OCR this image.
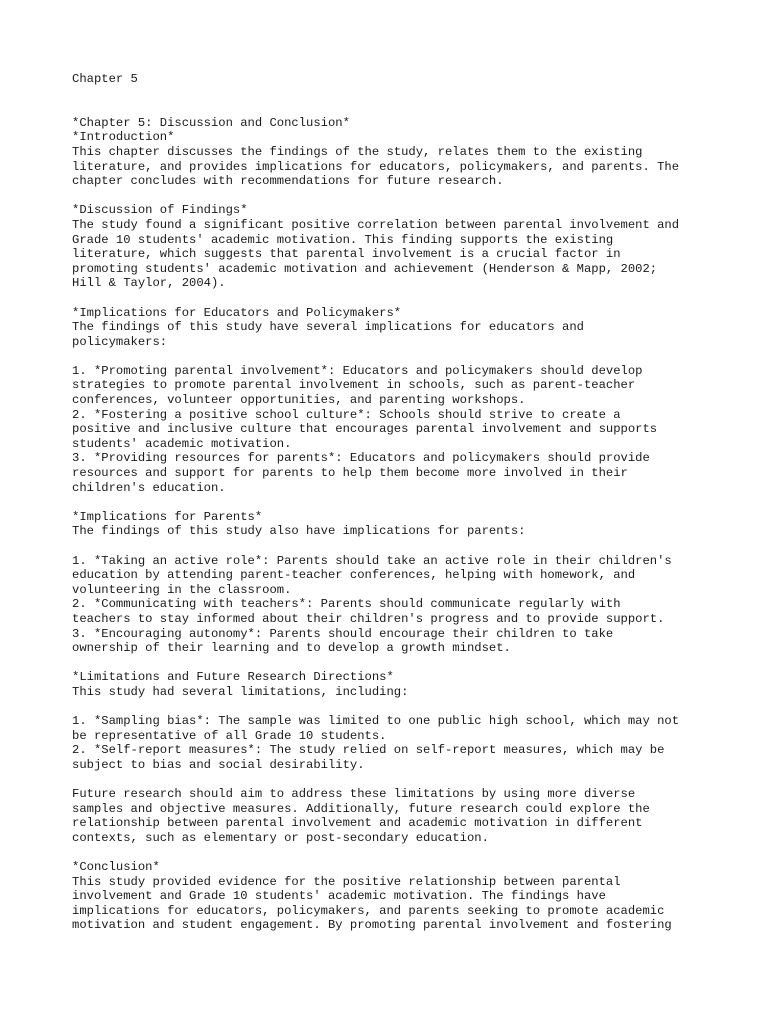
Chapter 5
*Chapter 5: Discussion and Conclusion*
*Introduction*
This chapter discusses the findings of the study, relates them to the existing
literature, and provides implications for educators, policymakers, and parents. The
chapter concludes with recommendations for future research.
*Discussion of Findings*
The study found a significant positive correlation between parental involvement and
Grade 10 students' academic motivation. This finding supports the existing
literature, which suggests that parental involvement is a crucial factor in
promoting students' academic motivation and achievement (Henderson & Mapp, 2002;
Hill & Taylor, 2004).
*Implications for Educators and Policymakers*
The findings of this study have several implications for educators and
policymakers:
1. *Promoting parental involvement*: Educators and policymakers should develop
strategies to promote parental involvement in schools, such as parent-teacher
conferences, volunteer opportunities, and parenting workshops.
2. *Fostering a positive school culture*: Schools should strive to create a
positive and inclusive culture that encourages parental involvement and supports
students' academic motivation.
3. *Providing resources for parents*: Educators and policymakers should provide
resources and support for parents to help them become more involved in their
children's education.
*Implications for Parents*
The findings of this study also have implications for parents:
1. *Taking an active role*: Parents should take an active role in their children's
education by attending parent-teacher conferences, helping with homework, and
volunteering in the classroom.
2. *Communicating with teachers*: Parents should communicate regularly with
teachers to stay informed about their children's progress and to provide support.
3. *Encouraging autonomy*: Parents should encourage their children to take
ownership of their learning and to develop a growth mindset.
*Limitations and Future Research Directions*
This study had several limitations, including:
1. *Sampling bias*: The sample was limited to one public high school, which may not
be representative of all Grade 10 students.
2. *Self-report measures*: The study relied on self-report measures, which may be
subject to bias and social desirability.
Future research should aim to address these limitations by using more diverse
samples and objective measures. Additionally, future research could explore the
relationship between parental involvement and academic motivation in different
contexts, such as elementary or post-secondary education.
*Conclusion*
This study provided evidence for the positive relationship between parental
involvement and Grade 10 students' academic motivation. The findings have
implications for educators, policymakers, and parents seeking to promote academic
motivation and student engagement. By promoting parental involvement and fostering
